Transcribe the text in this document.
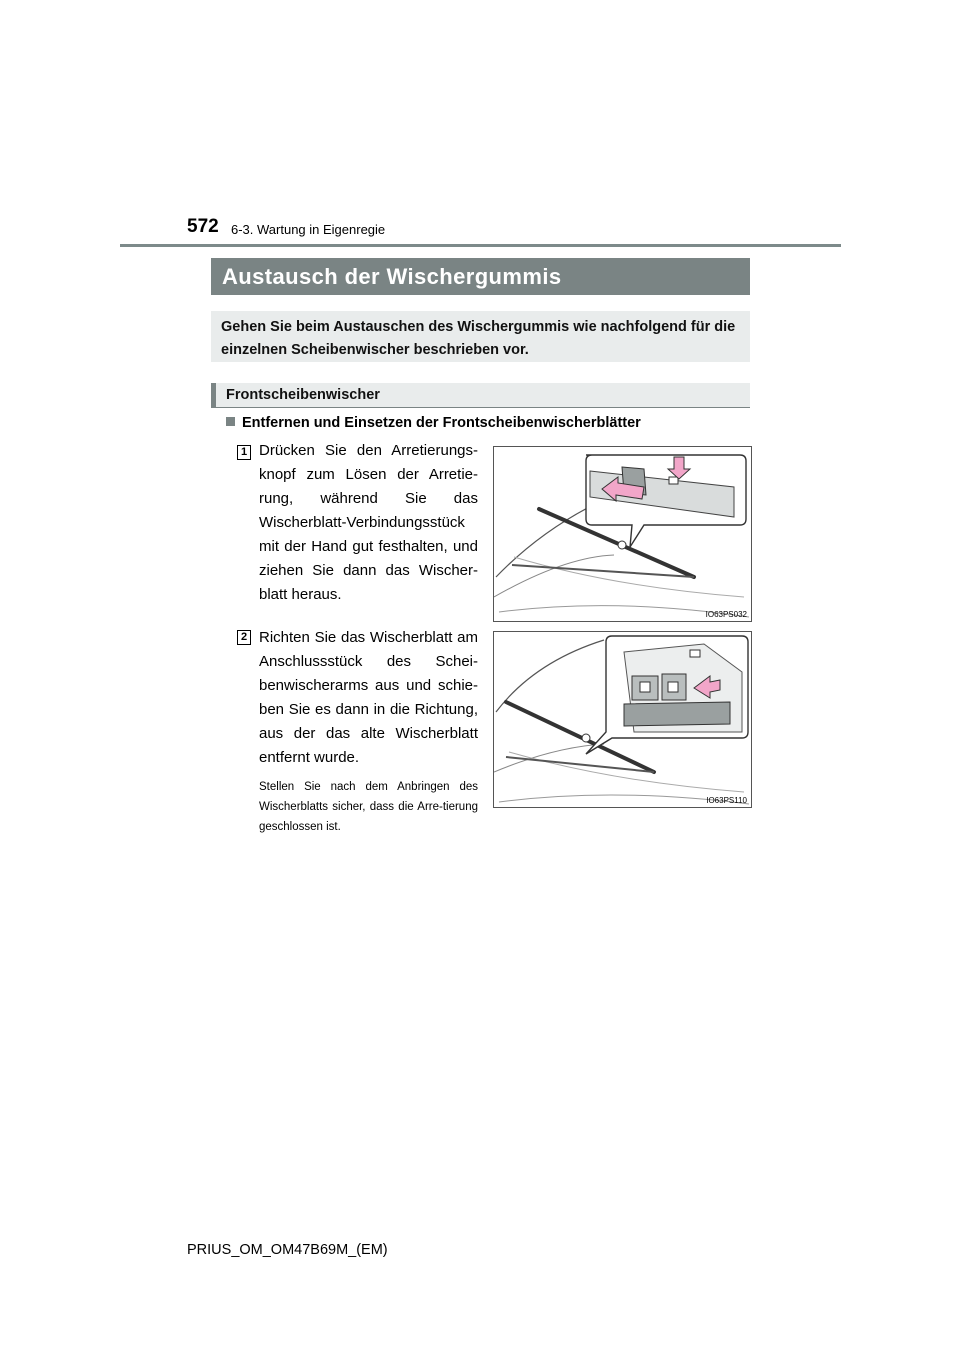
572 6-3. Wartung in Eigenregie
Austausch der Wischergummis
Gehen Sie beim Austauschen des Wischergummis wie nachfolgend für die einzelnen Scheibenwischer beschrieben vor.
Frontscheibenwischer
Entfernen und Einsetzen der Frontscheibenwischerblätter
1 Drücken Sie den Arretierungs-knopf zum Lösen der Arretie-rung, während Sie das Wischerblatt-Verbindungsstück mit der Hand gut festhalten, und ziehen Sie dann das Wischer-blatt heraus.
IO63PS032
2 Richten Sie das Wischerblatt am Anschlussstück des Schei-benwischerarms aus und schie-ben Sie es dann in die Richtung, aus der das alte Wischerblatt entfernt wurde.
Stellen Sie nach dem Anbringen des Wischerblatts sicher, dass die Arre-tierung geschlossen ist.
IO63PS110
PRIUS_OM_OM47B69M_(EM)
